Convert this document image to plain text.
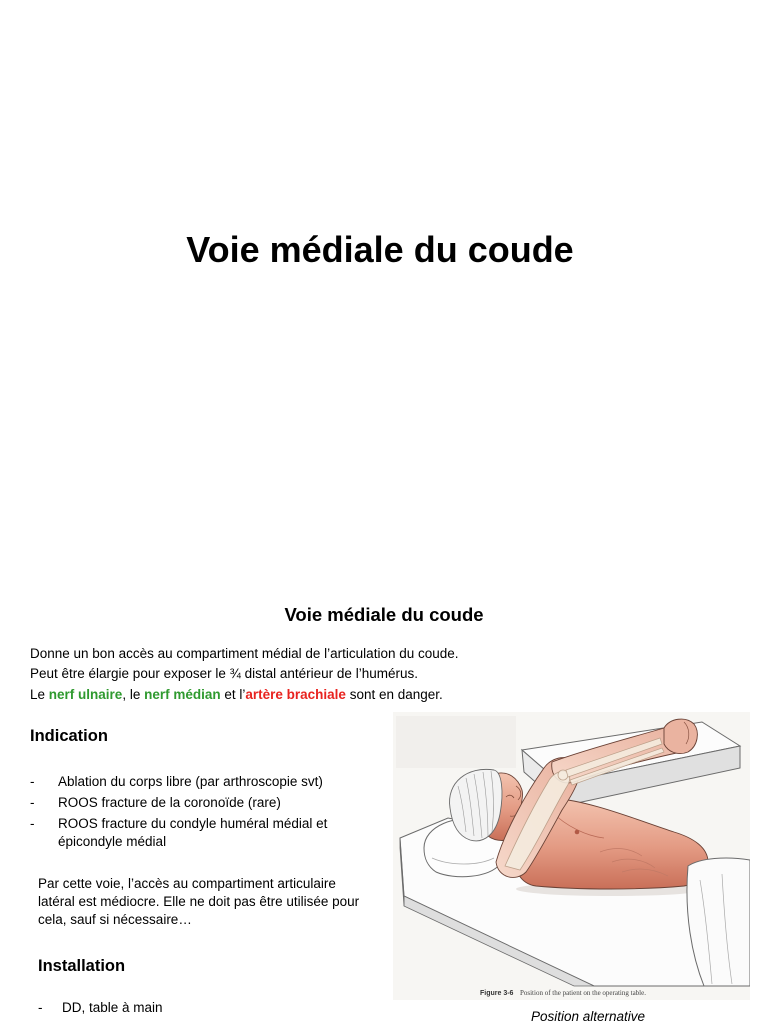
Voie médiale du coude
Voie médiale du coude
Donne un bon accès au compartiment médial de l’articulation du coude.
Peut être élargie pour exposer le ¾ distal antérieur de l’humérus.
Le nerf ulnaire, le nerf médian et l’artère brachiale sont en danger.
Indication
- Ablation du corps libre (par arthroscopie svt)
- ROOS fracture de la coronoïde (rare)
- ROOS fracture du condyle huméral médial et
épicondyle médial
Par cette voie, l’accès au compartiment articulaire
latéral est médiocre. Elle ne doit pas être utilisée pour
cela, sauf si nécessaire…
Installation
- DD, table à main
Figure 3-6 Position of the patient on the operating table.
Position alternative
